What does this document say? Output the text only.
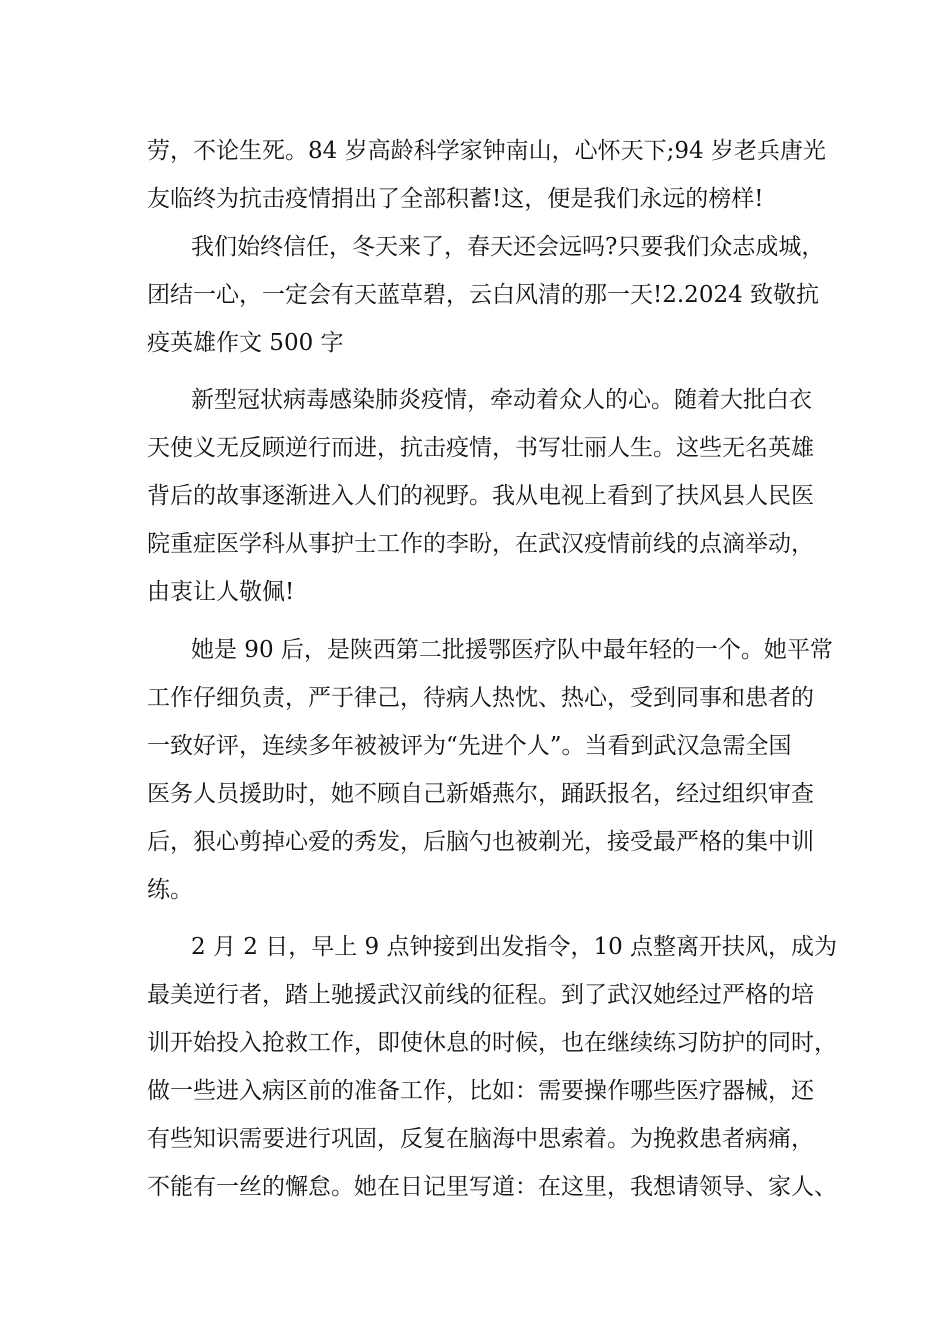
劳，不论生死。84 岁高龄科学家钟南山，心怀天下;94 岁老兵唐光
友临终为抗击疫情捐出了全部积蓄!这，便是我们永远的榜样!
我们始终信任，冬天来了，春天还会远吗?只要我们众志成城，
团结一心，一定会有天蓝草碧，云白风清的那一天!2.2024 致敬抗
疫英雄作文 500 字
新型冠状病毒感染肺炎疫情，牵动着众人的心。随着大批白衣
天使义无反顾逆行而进，抗击疫情，书写壮丽人生。这些无名英雄
背后的故事逐渐进入人们的视野。我从电视上看到了扶风县人民医
院重症医学科从事护士工作的李盼，在武汉疫情前线的点滴举动，
由衷让人敬佩!
她是 90 后，是陕西第二批援鄂医疗队中最年轻的一个。她平常
工作仔细负责，严于律己，待病人热忱、热心，受到同事和患者的
一致好评，连续多年被被评为“先进个人”。当看到武汉急需全国
医务人员援助时，她不顾自己新婚燕尔，踊跃报名，经过组织审查
后，狠心剪掉心爱的秀发，后脑勺也被剃光，接受最严格的集中训
练。
2 月 2 日，早上 9 点钟接到出发指令，10 点整离开扶风，成为
最美逆行者，踏上驰援武汉前线的征程。到了武汉她经过严格的培
训开始投入抢救工作，即使休息的时候，也在继续练习防护的同时，
做一些进入病区前的准备工作，比如：需要操作哪些医疗器械，还
有些知识需要进行巩固，反复在脑海中思索着。为挽救患者病痛，
不能有一丝的懈怠。她在日记里写道：在这里，我想请领导、家人、
